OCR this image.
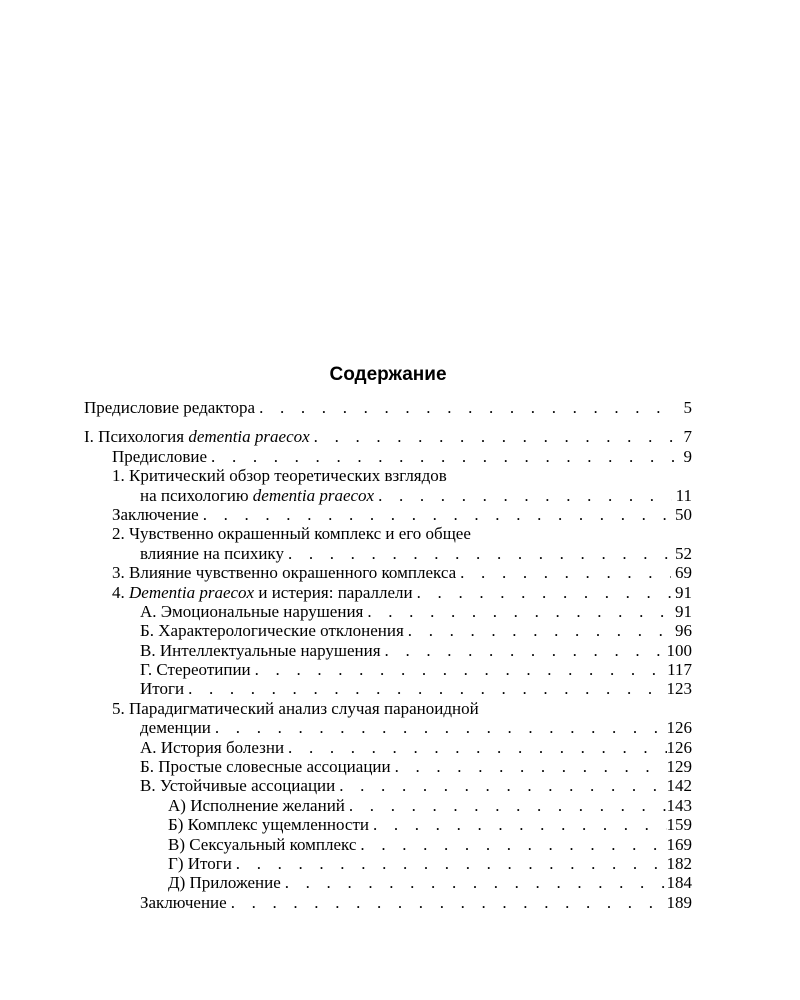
Содержание
Предисловие редактора . . .	5
I. Психология dementia praecox . . .	7
Предисловие . . .	9
1. Критический обзор теоретических взглядов
на психологию dementia praecox . . .	11
Заключение . . .	50
2. Чувственно окрашенный комплекс и его общее
влияние на психику . . .	52
3. Влияние чувственно окрашенного комплекса . . .	69
4. Dementia praecox и истерия: параллели . . .	91
А. Эмоциональные нарушения . . .	91
Б. Характерологические отклонения . . .	96
В. Интеллектуальные нарушения . . .	100
Г. Стереотипии . . .	117
Итоги . . .	123
5. Парадигматический анализ случая параноидной
деменции . . .	126
А. История болезни . . .	126
Б. Простые словесные ассоциации . . .	129
В. Устойчивые ассоциации . . .	142
А) Исполнение желаний . . .	143
Б) Комплекс ущемленности . . .	159
В) Сексуальный комплекс . . .	169
Г) Итоги . . .	182
Д) Приложение . . .	184
Заключение . . .	189
